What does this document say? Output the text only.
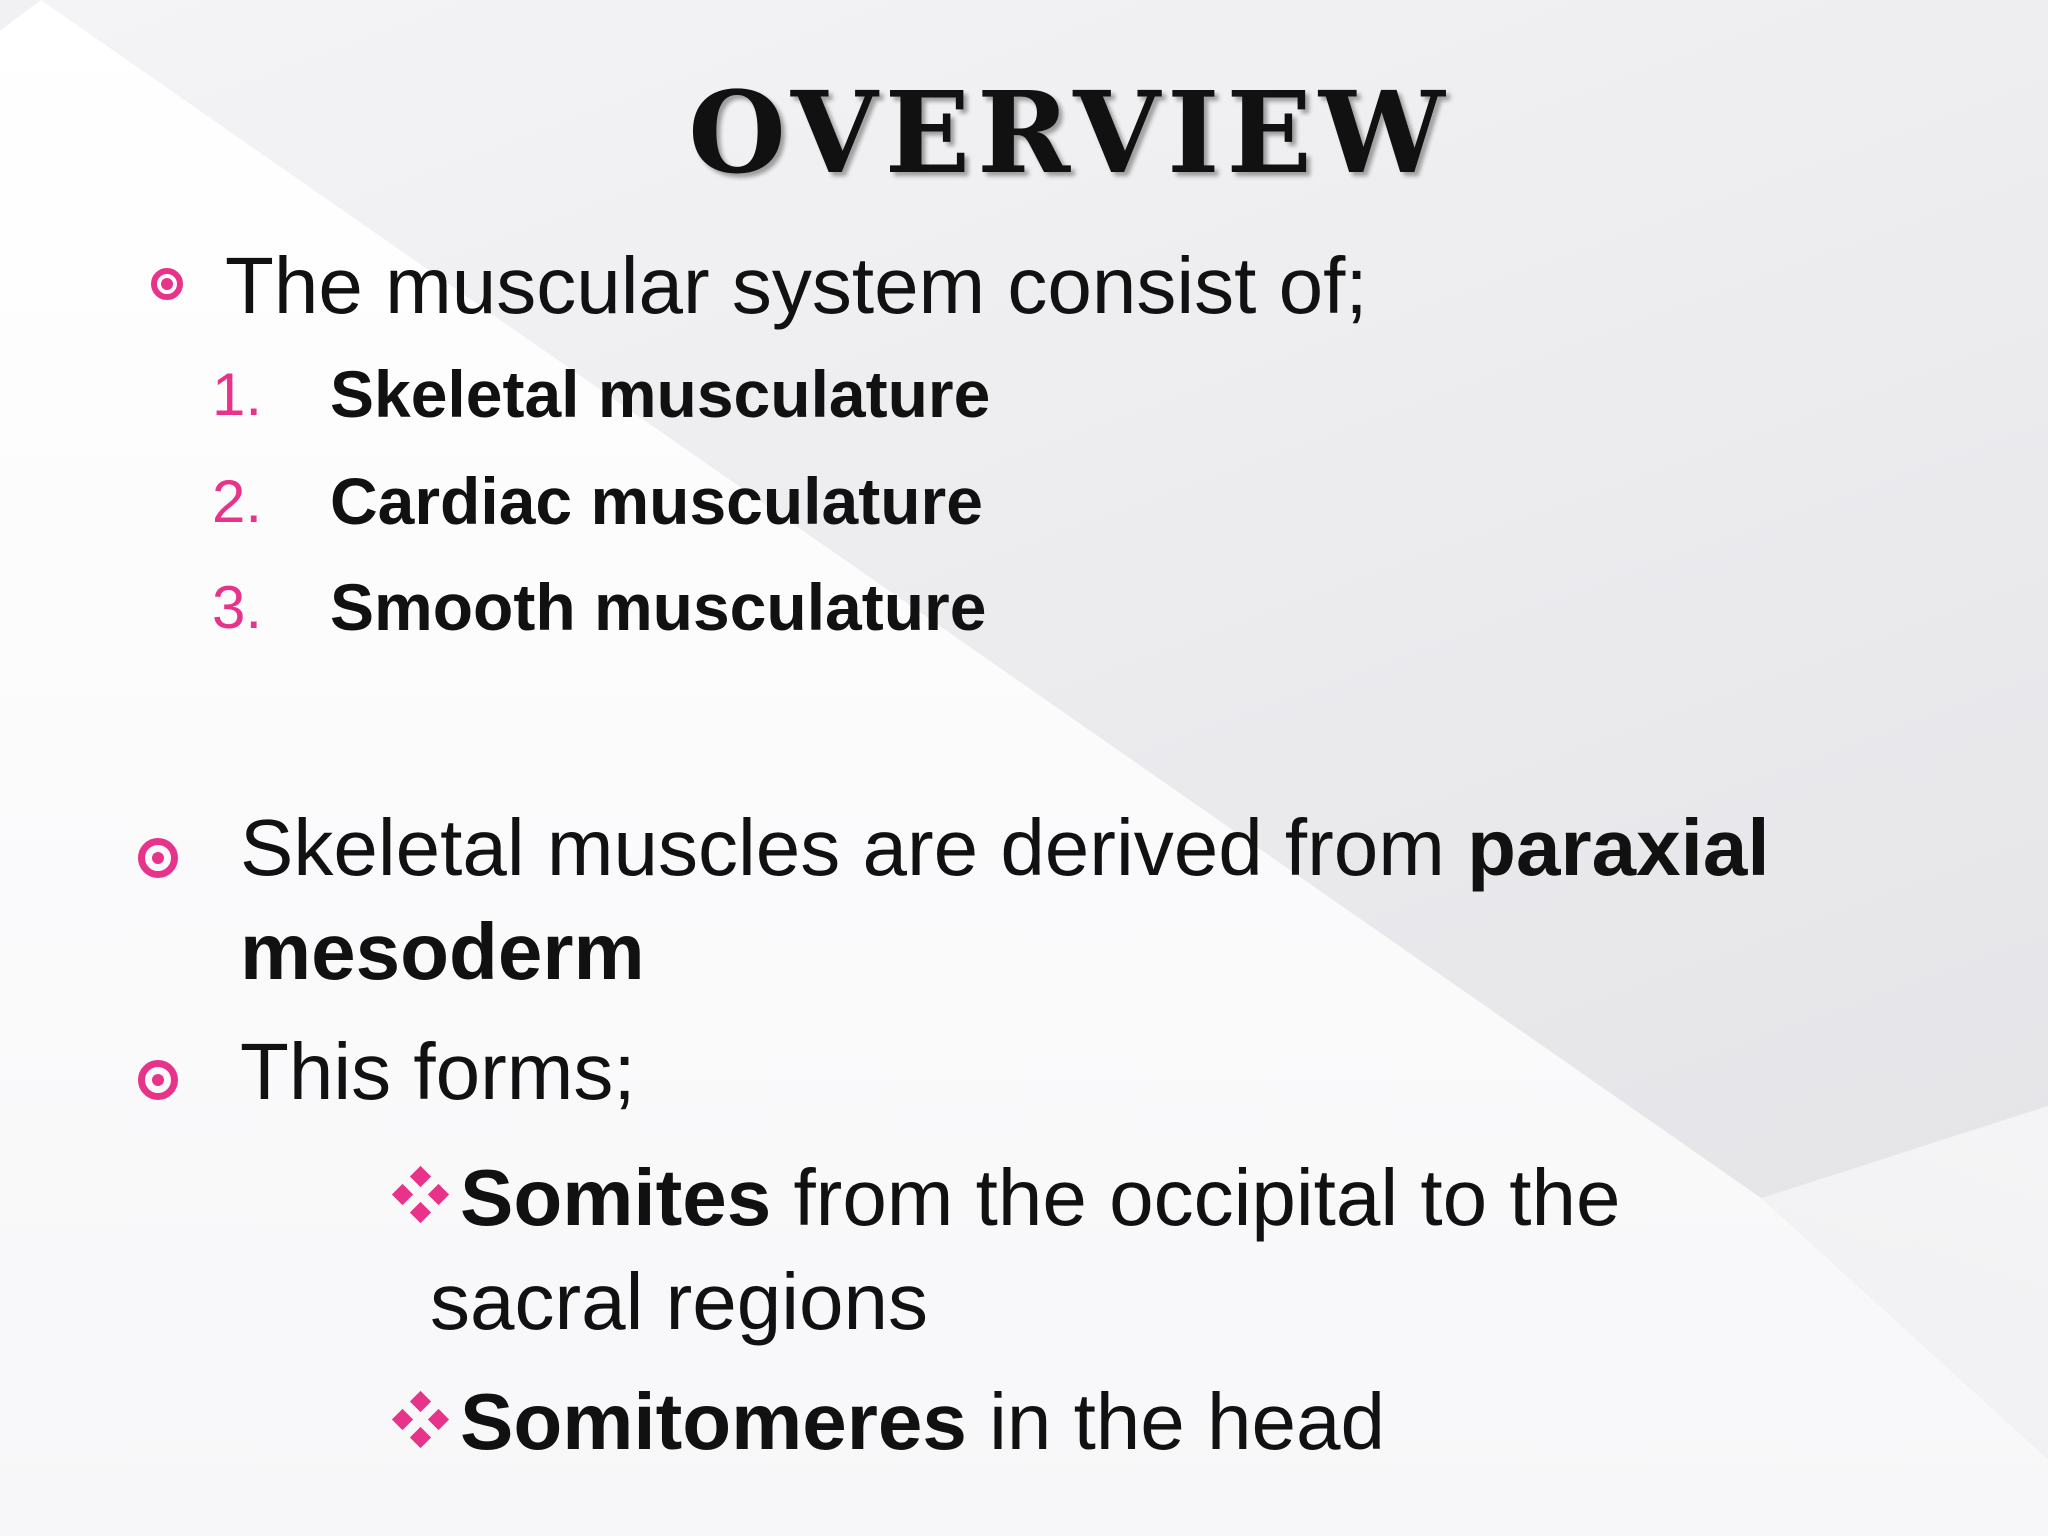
OVERVIEW
The muscular system consist of;
1. Skeletal musculature
2. Cardiac musculature
3. Smooth musculature
Skeletal muscles are derived from paraxial
mesoderm
This forms;
Somites from the occipital to the
sacral regions
Somitomeres in the head
